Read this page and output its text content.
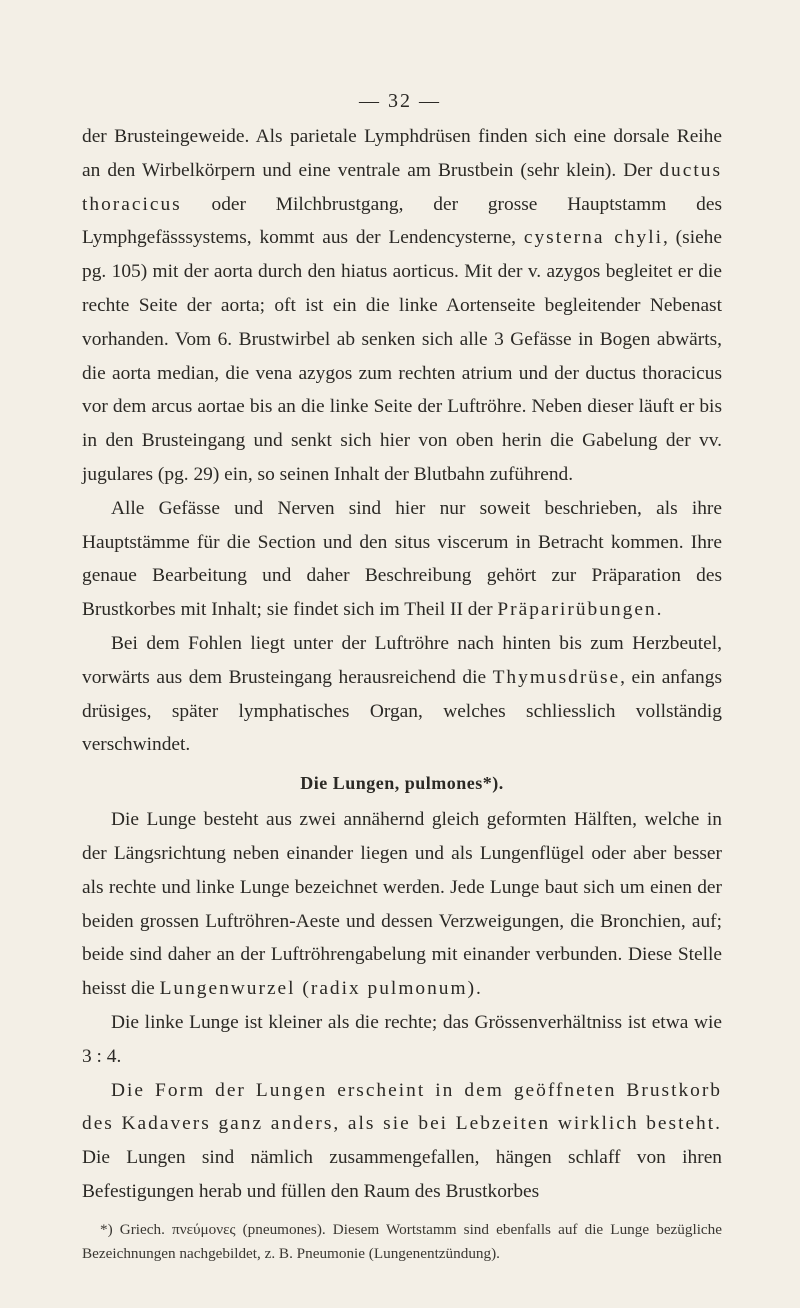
— 32 —

der Brusteingeweide. Als parietale Lymphdrüsen finden sich eine dorsale Reihe an den Wirbelkörpern und eine ventrale am Brustbein (sehr klein). Der ductus thoracicus oder Milchbrustgang, der grosse Hauptstamm des Lymphgefässsystems, kommt aus der Lendencysterne, cysterna chyli, (siehe pg. 105) mit der aorta durch den hiatus aorticus. Mit der v. azygos begleitet er die rechte Seite der aorta; oft ist ein die linke Aortenseite begleitender Nebenast vorhanden. Vom 6. Brustwirbel ab senken sich alle 3 Gefässe in Bogen abwärts, die aorta median, die vena azygos zum rechten atrium und der ductus thoracicus vor dem arcus aortae bis an die linke Seite der Luftröhre. Neben dieser läuft er bis in den Brusteingang und senkt sich hier von oben herin die Gabelung der vv. jugulares (pg. 29) ein, so seinen Inhalt der Blutbahn zuführend.

Alle Gefässe und Nerven sind hier nur soweit beschrieben, als ihre Hauptstämme für die Section und den situs viscerum in Betracht kommen. Ihre genaue Bearbeitung und daher Beschreibung gehört zur Präparation des Brustkorbes mit Inhalt; sie findet sich im Theil II der Präparirübungen.

Bei dem Fohlen liegt unter der Luftröhre nach hinten bis zum Herzbeutel, vorwärts aus dem Brusteingang herausreichend die Thymusdrüse, ein anfangs drüsiges, später lymphatisches Organ, welches schliesslich vollständig verschwindet.

Die Lungen, pulmones*).

Die Lunge besteht aus zwei annähernd gleich geformten Hälften, welche in der Längsrichtung neben einander liegen und als Lungenflügel oder aber besser als rechte und linke Lunge bezeichnet werden. Jede Lunge baut sich um einen der beiden grossen Luftröhren-Aeste und dessen Verzweigungen, die Bronchien, auf; beide sind daher an der Luftröhrengabelung mit einander verbunden. Diese Stelle heisst die Lungenwurzel (radix pulmonum).

Die linke Lunge ist kleiner als die rechte; das Grössenverhältniss ist etwa wie 3 : 4.

Die Form der Lungen erscheint in dem geöffneten Brustkorb des Kadavers ganz anders, als sie bei Lebzeiten wirklich besteht. Die Lungen sind nämlich zusammengefallen, hängen schlaff von ihren Befestigungen herab und füllen den Raum des Brustkorbes

*) Griech. πνεύμονες (pneumones). Diesem Wortstamm sind ebenfalls auf die Lunge bezügliche Bezeichnungen nachgebildet, z. B. Pneumonie (Lungenentzündung).
